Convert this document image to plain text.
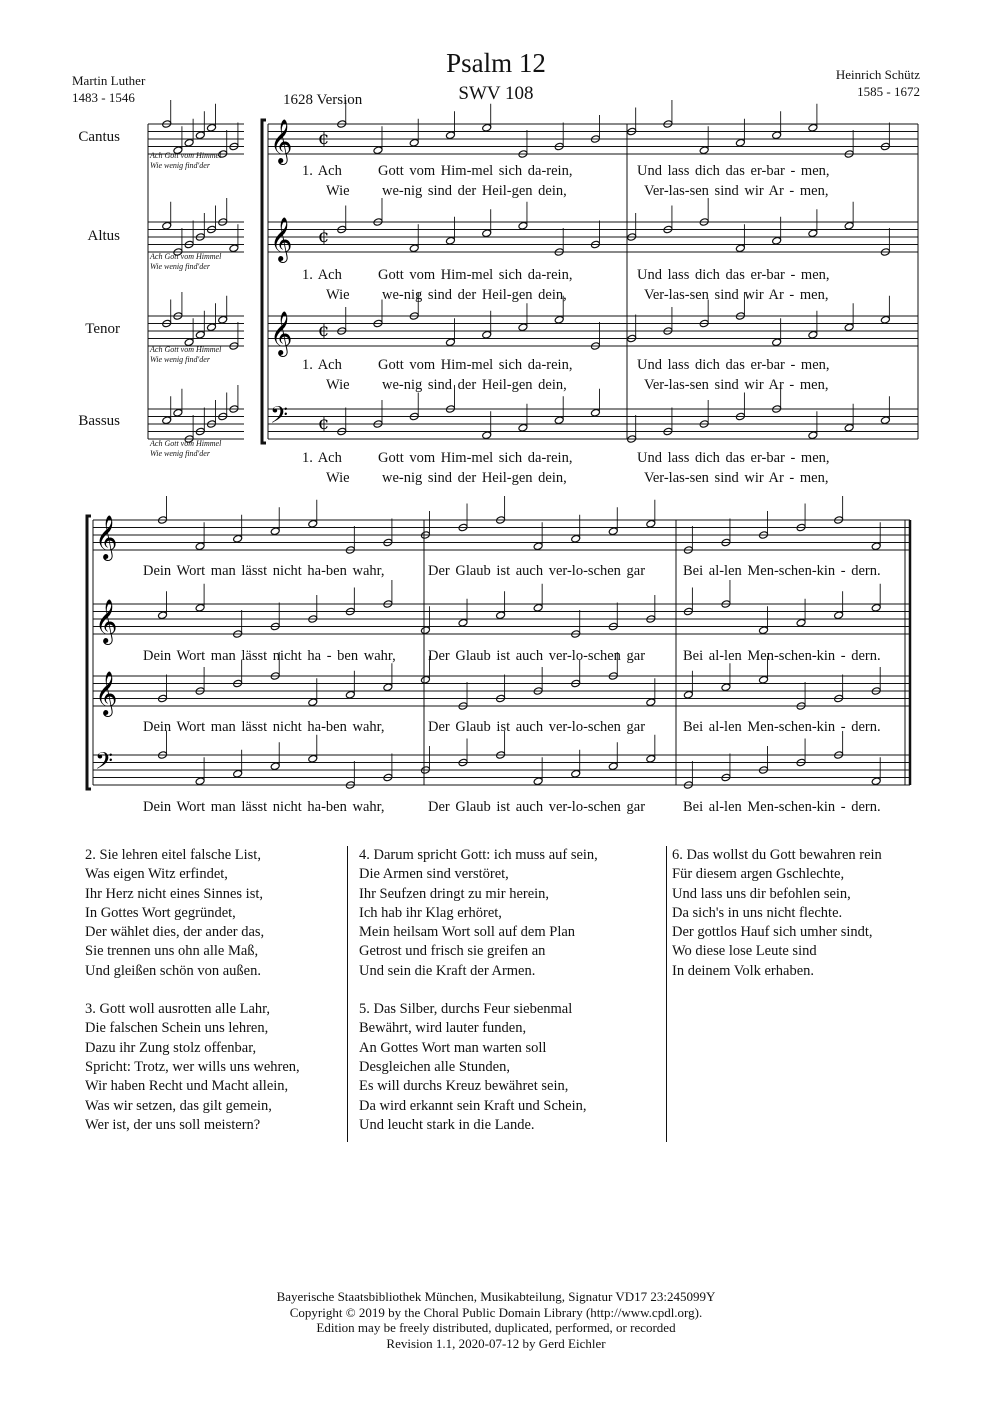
Psalm 12
SWV 108
1628 Version
Martin Luther
1483 - 1546
Heinrich Schütz
1585 - 1672
Cantus
Altus
Tenor
Bassus
𝄞 ¢
𝄞 ¢
𝄞 ¢
𝄢 ¢
𝄞
𝄞
𝄞
𝄢
Ach Gott vom Himmel
Wie wenig find'der
Ach Gott vom Himmel
Wie wenig find'der
Ach Gott vom Himmel
Wie wenig find'der
Ach Gott vom Himmel
Wie wenig find'der
1. Ach Gott vom Him-mel sich da-rein,	Und lass dich das er-bar - men,
Wie we-nig sind der Heil-gen dein,	Ver-las-sen sind wir Ar - men,
1. Ach Gott vom Him-mel sich da-rein,	Und lass dich das er-bar - men,
Wie we-nig sind der Heil-gen dein,	Ver-las-sen sind wir Ar - men,
1. Ach Gott vom Him-mel sich da-rein,	Und lass dich das er-bar - men,
Wie we-nig sind der Heil-gen dein,	Ver-las-sen sind wir Ar - men,
1. Ach Gott vom Him-mel sich da-rein,	Und lass dich das er-bar - men,
Wie we-nig sind der Heil-gen dein,	Ver-las-sen sind wir Ar - men,
Dein Wort man lässt nicht ha-ben wahr,	Der Glaub ist auch ver-lo-schen gar	Bei al-len Men-schen-kin - dern.
Dein Wort man lässt nicht ha - ben wahr, Der Glaub ist auch ver-lo-schen gar	Bei al-len Men-schen-kin - dern.
Dein Wort man lässt nicht ha-ben wahr,	Der Glaub ist auch ver-lo-schen gar	Bei al-len Men-schen-kin - dern.
Dein Wort man lässt nicht ha-ben wahr,	Der Glaub ist auch ver-lo-schen gar	Bei al-len Men-schen-kin - dern.
2. Sie lehren eitel falsche List,
Was eigen Witz erfindet,
Ihr Herz nicht eines Sinnes ist,
In Gottes Wort gegründet,
Der wählet dies, der ander das,
Sie trennen uns ohn alle Maß,
Und gleißen schön von außen.
3. Gott woll ausrotten alle Lahr,
Die falschen Schein uns lehren,
Dazu ihr Zung stolz offenbar,
Spricht: Trotz, wer wills uns wehren,
Wir haben Recht und Macht allein,
Was wir setzen, das gilt gemein,
Wer ist, der uns soll meistern?
4. Darum spricht Gott: ich muss auf sein,
Die Armen sind verstöret,
Ihr Seufzen dringt zu mir herein,
Ich hab ihr Klag erhöret,
Mein heilsam Wort soll auf dem Plan
Getrost und frisch sie greifen an
Und sein die Kraft der Armen.
5. Das Silber, durchs Feur siebenmal
Bewährt, wird lauter funden,
An Gottes Wort man warten soll
Desgleichen alle Stunden,
Es will durchs Kreuz bewähret sein,
Da wird erkannt sein Kraft und Schein,
Und leucht stark in die Lande.
6. Das wollst du Gott bewahren rein
Für diesem argen Gschlechte,
Und lass uns dir befohlen sein,
Da sich's in uns nicht flechte.
Der gottlos Hauf sich umher sindt,
Wo diese lose Leute sind
In deinem Volk erhaben.
Bayerische Staatsbibliothek München, Musikabteilung, Signatur VD17 23:245099Y
Copyright © 2019 by the Choral Public Domain Library (http://www.cpdl.org).
Edition may be freely distributed, duplicated, performed, or recorded
Revision 1.1, 2020-07-12 by Gerd Eichler
